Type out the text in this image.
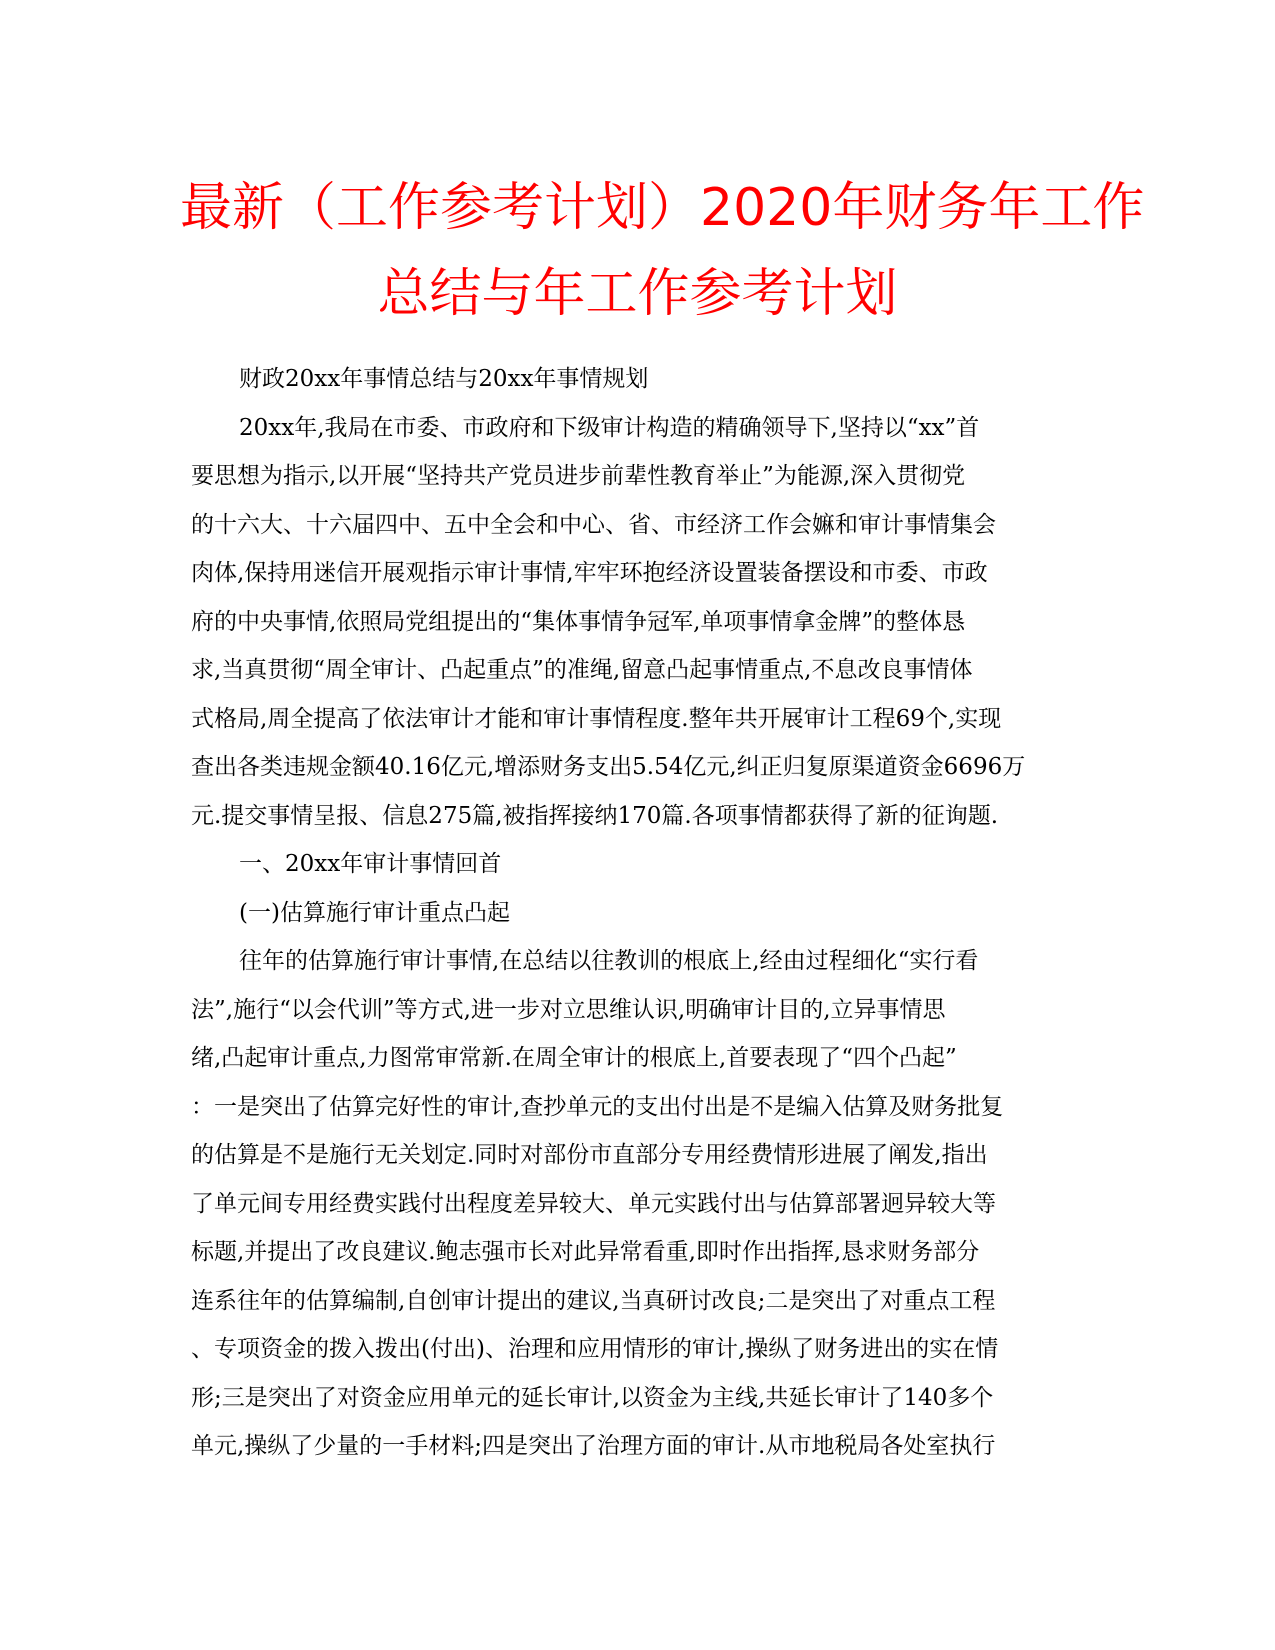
最新（工作参考计划）2020年财务年工作
总结与年工作参考计划
财政20xx年事情总结与20xx年事情规划
20xx年,我局在市委、市政府和下级审计构造的精确领导下,坚持以“xx”首
要思想为指示,以开展“坚持共产党员进步前辈性教育举止”为能源,深入贯彻党
的十六大、十六届四中、五中全会和中心、省、市经济工作会嫲和审计事情集会
肉体,保持用迷信开展观指示审计事情,牢牢环抱经济设置装备摆设和市委、市政
府的中央事情,依照局党组提出的“集体事情争冠军,单项事情拿金牌”的整体恳
求,当真贯彻“周全审计、凸起重点”的准绳,留意凸起事情重点,不息改良事情体
式格局,周全提高了依法审计才能和审计事情程度.整年共开展审计工程69个,实现
查出各类违规金额40.16亿元,增添财务支出5.54亿元,纠正归复原渠道资金6696万
元.提交事情呈报、信息275篇,被指挥接纳170篇.各项事情都获得了新的征询题.
一、20xx年审计事情回首
(一)估算施行审计重点凸起
往年的估算施行审计事情,在总结以往教训的根底上,经由过程细化“实行看
法”,施行“以会代训”等方式,进一步对立思维认识,明确审计目的,立异事情思
绪,凸起审计重点,力图常审常新.在周全审计的根底上,首要表现了“四个凸起”
：一是突出了估算完好性的审计,查抄单元的支出付出是不是编入估算及财务批复
的估算是不是施行无关划定.同时对部份市直部分专用经费情形进展了阐发,指出
了单元间专用经费实践付出程度差异较大、单元实践付出与估算部署迥异较大等
标题,并提出了改良建议.鲍志强市长对此异常看重,即时作出指挥,恳求财务部分
连系往年的估算编制,自创审计提出的建议,当真研讨改良;二是突出了对重点工程
、专项资金的拨入拨出(付出)、治理和应用情形的审计,操纵了财务进出的实在情
形;三是突出了对资金应用单元的延长审计,以资金为主线,共延长审计了140多个
单元,操纵了少量的一手材料;四是突出了治理方面的审计.从市地税局各处室执行
